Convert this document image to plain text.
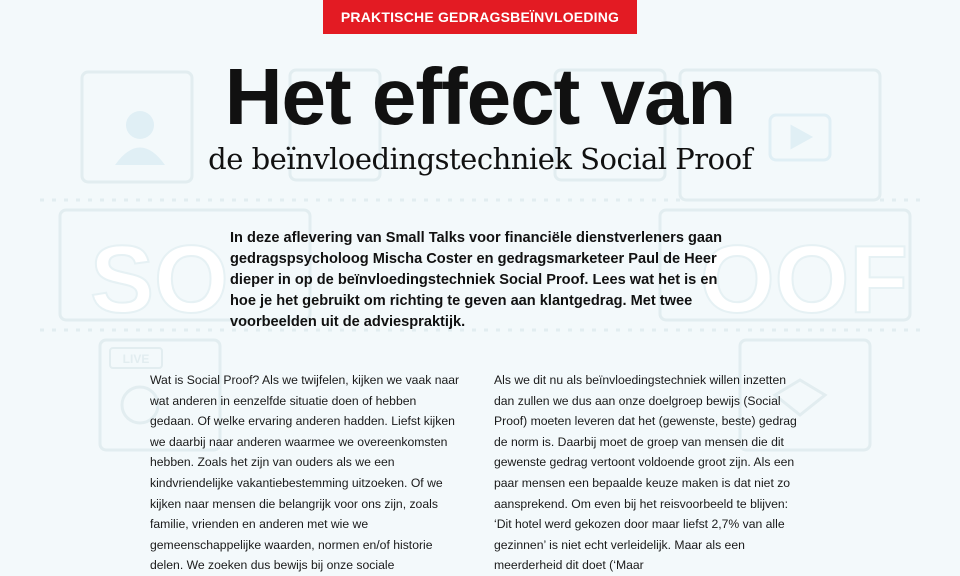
LIVE
SO	OOF
PRAKTISCHE GEDRAGSBEÏNVLOEDING
Het effect van
de beïnvloedingstechniek Social Proof

In deze aflevering van Small Talks voor financiële dienstverleners gaan gedragspsycholoog Mischa Coster en gedragsmarketeer Paul de Heer dieper in op de beïnvloedingstechniek Social Proof. Lees wat het is en hoe je het gebruikt om richting te geven aan klantgedrag. Met twee voorbeelden uit de adviespraktijk.

Wat is Social Proof? Als we twijfelen, kijken we vaak naar wat anderen in eenzelfde situatie doen of hebben gedaan. Of welke ervaring anderen hadden. Liefst kijken we daarbij naar anderen waarmee we overeenkomsten hebben. Zoals het zijn van ouders als we een kindvriendelijke vakantiebestemming uitzoeken. Of we kijken naar mensen die belangrijk voor ons zijn, zoals familie, vrienden en anderen met wie we gemeenschappelijke waarden, normen en/of historie delen. We zoeken dus bewijs bij onze sociale

Als we dit nu als beïnvloedingstechniek willen inzetten dan zullen we dus aan onze doelgroep bewijs (Social Proof) moeten leveren dat het (gewenste, beste) gedrag de norm is. Daarbij moet de groep van mensen die dit gewenste gedrag vertoont voldoende groot zijn. Als een paar mensen een bepaalde keuze maken is dat niet zo aansprekend. Om even bij het reisvoorbeeld te blijven: ‘Dit hotel werd gekozen door maar liefst 2,7% van alle gezinnen’ is niet echt verleidelijk. Maar als een meerderheid dit doet (‘Maar
